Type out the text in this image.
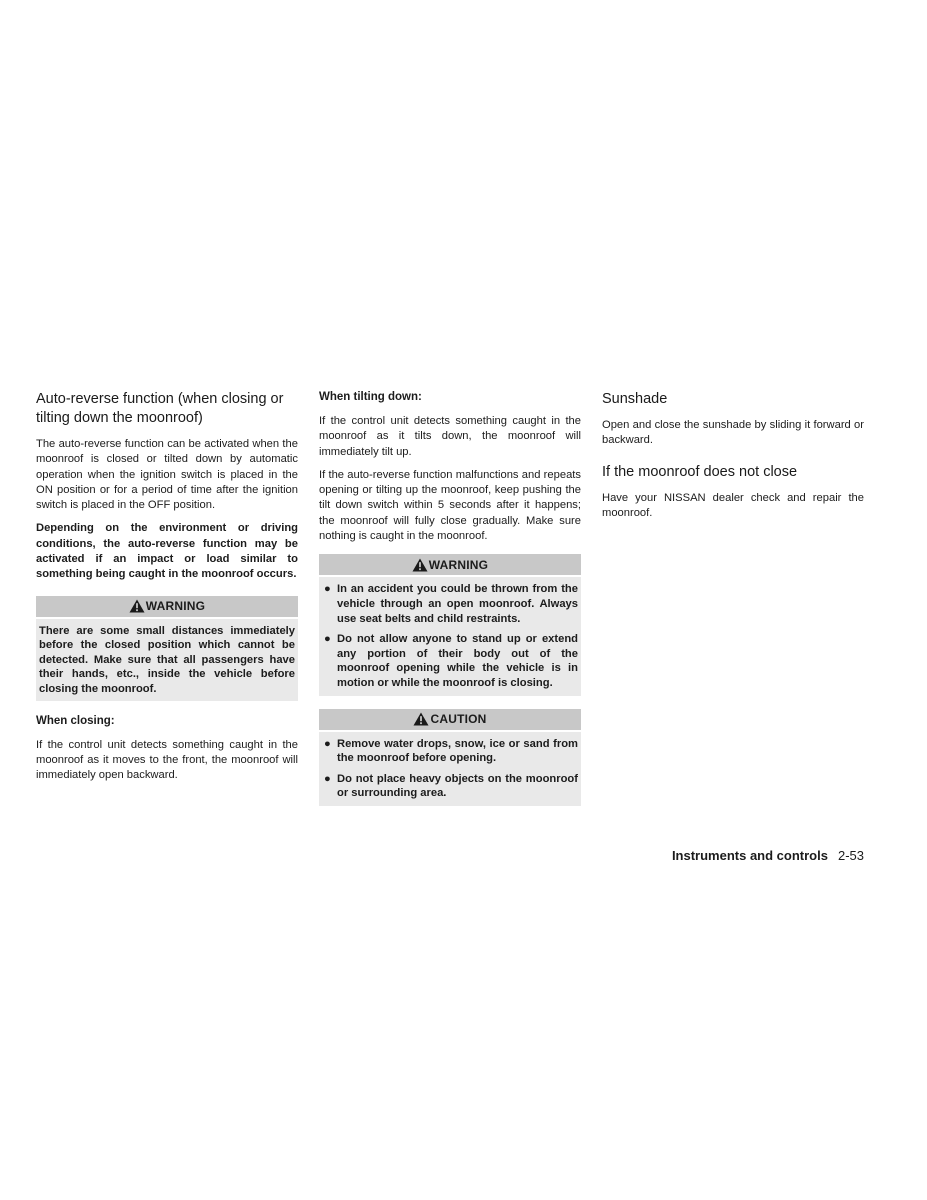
Auto-reverse function (when closing or tilting down the moonroof)

The auto-reverse function can be activated when the moonroof is closed or tilted down by automatic operation when the ignition switch is placed in the ON position or for a period of time after the ignition switch is placed in the OFF position.

Depending on the environment or driving conditions, the auto-reverse function may be activated if an impact or load similar to something being caught in the moonroof occurs.

WARNING

There are some small distances immediately before the closed position which cannot be detected. Make sure that all passengers have their hands, etc., inside the vehicle before closing the moonroof.

When closing:

If the control unit detects something caught in the moonroof as it moves to the front, the moonroof will immediately open backward.

When tilting down:

If the control unit detects something caught in the moonroof as it tilts down, the moonroof will immediately tilt up.

If the auto-reverse function malfunctions and repeats opening or tilting up the moonroof, keep pushing the tilt down switch within 5 seconds after it happens; the moonroof will fully close gradually. Make sure nothing is caught in the moonroof.

WARNING
● In an accident you could be thrown from the vehicle through an open moonroof. Always use seat belts and child restraints.
● Do not allow anyone to stand up or extend any portion of their body out of the moonroof opening while the vehicle is in motion or while the moonroof is closing.
CAUTION
● Remove water drops, snow, ice or sand from the moonroof before opening.
● Do not place heavy objects on the moonroof or surrounding area.
Sunshade

Open and close the sunshade by sliding it forward or backward.

If the moonroof does not close

Have your NISSAN dealer check and repair the moonroof.

Instruments and controls 2-53
